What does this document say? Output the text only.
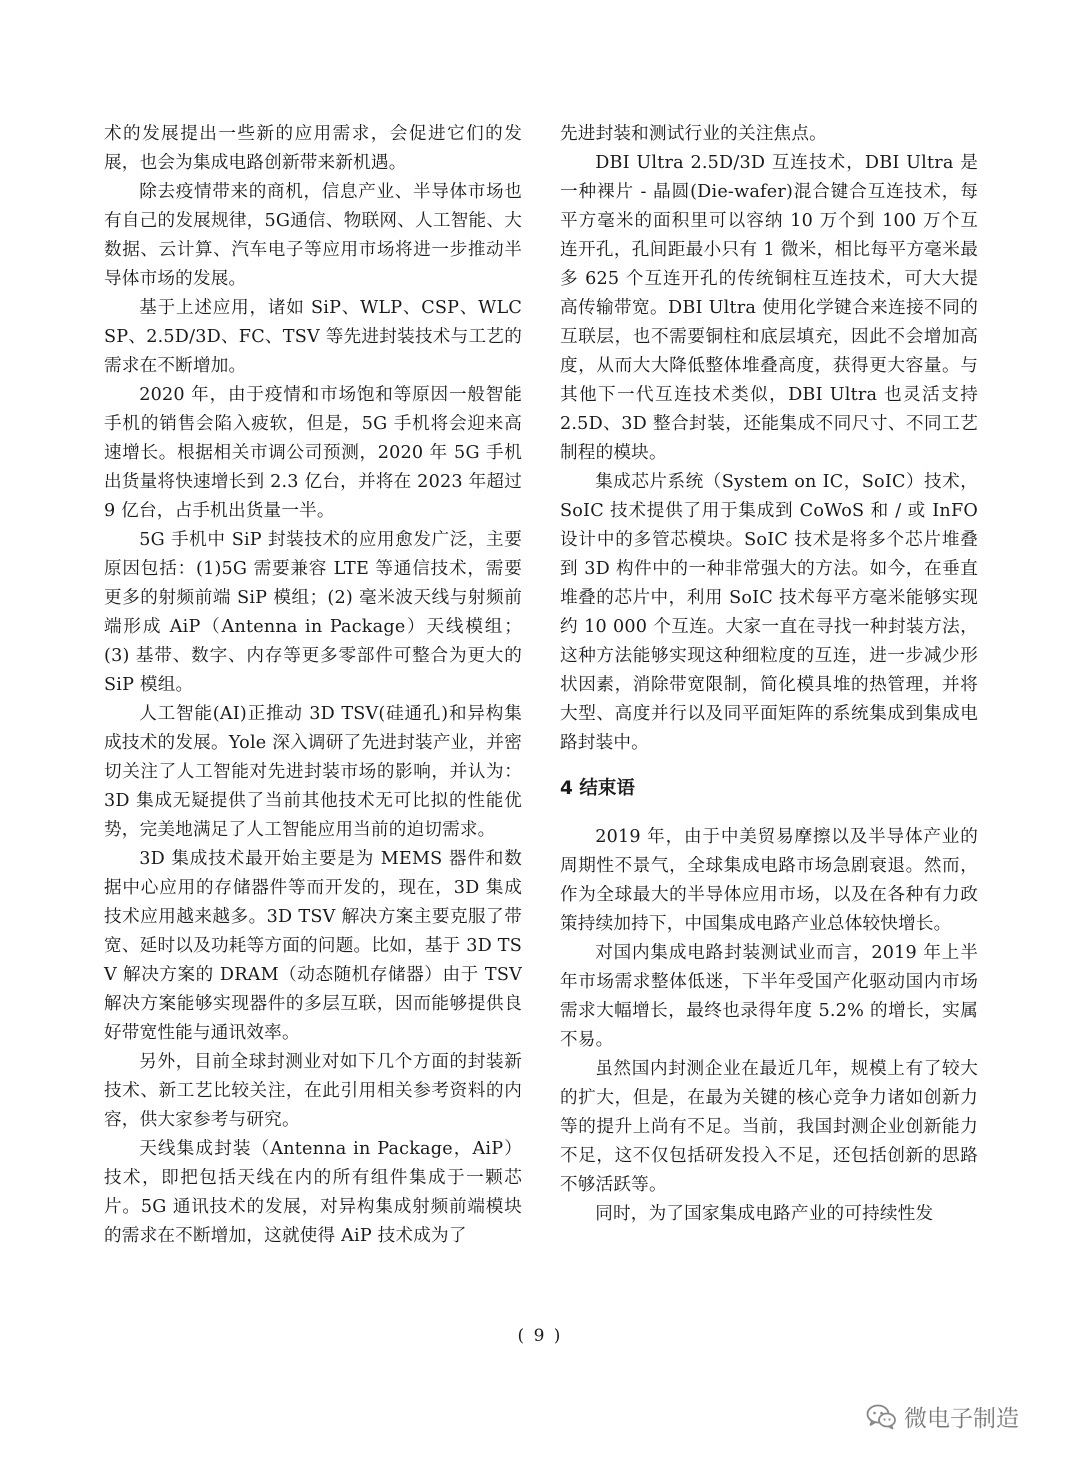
术的发展提出一些新的应用需求，会促进它们的发展，也会为集成电路创新带来新机遇。

除去疫情带来的商机，信息产业、半导体市场也有自己的发展规律，5G通信、物联网、人工智能、大数据、云计算、汽车电子等应用市场将进一步推动半导体市场的发展。

基于上述应用，诸如 SiP、WLP、CSP、WLCSP、2.5D/3D、FC、TSV 等先进封装技术与工艺的需求在不断增加。

2020 年，由于疫情和市场饱和等原因一般智能手机的销售会陷入疲软，但是，5G 手机将会迎来高速增长。根据相关市调公司预测，2020 年 5G 手机出货量将快速增长到 2.3 亿台，并将在 2023 年超过 9 亿台，占手机出货量一半。

5G 手机中 SiP 封装技术的应用愈发广泛，主要原因包括：(1)5G 需要兼容 LTE 等通信技术，需要更多的射频前端 SiP 模组；(2) 毫米波天线与射频前端形成 AiP（Antenna in Package）天线模组；(3) 基带、数字、内存等更多零部件可整合为更大的 SiP 模组。

人工智能(AI)正推动 3D TSV(硅通孔)和异构集成技术的发展。Yole 深入调研了先进封装产业，并密切关注了人工智能对先进封装市场的影响，并认为：3D 集成无疑提供了当前其他技术无可比拟的性能优势，完美地满足了人工智能应用当前的迫切需求。

3D 集成技术最开始主要是为 MEMS 器件和数据中心应用的存储器件等而开发的，现在，3D 集成技术应用越来越多。3D TSV 解决方案主要克服了带宽、延时以及功耗等方面的问题。比如，基于 3D TSV 解决方案的 DRAM（动态随机存储器）由于 TSV 解决方案能够实现器件的多层互联，因而能够提供良好带宽性能与通讯效率。

另外，目前全球封测业对如下几个方面的封装新技术、新工艺比较关注，在此引用相关参考资料的内容，供大家参考与研究。

天线集成封装（Antenna in Package，AiP）技术，即把包括天线在内的所有组件集成于一颗芯片。5G 通讯技术的发展，对异构集成射频前端模块的需求在不断增加，这就使得 AiP 技术成为了

先进封装和测试行业的关注焦点。

DBI Ultra 2.5D/3D 互连技术，DBI Ultra 是一种裸片 - 晶圆(Die-wafer)混合键合互连技术，每平方毫米的面积里可以容纳 10 万个到 100 万个互连开孔，孔间距最小只有 1 微米，相比每平方毫米最多 625 个互连开孔的传统铜柱互连技术，可大大提高传输带宽。DBI Ultra 使用化学键合来连接不同的互联层，也不需要铜柱和底层填充，因此不会增加高度，从而大大降低整体堆叠高度，获得更大容量。与其他下一代互连技术类似，DBI Ultra 也灵活支持 2.5D、3D 整合封装，还能集成不同尺寸、不同工艺制程的模块。

集成芯片系统（System on IC，SoIC）技术，SoIC 技术提供了用于集成到 CoWoS 和 / 或 InFO 设计中的多管芯模块。SoIC 技术是将多个芯片堆叠到 3D 构件中的一种非常强大的方法。如今，在垂直堆叠的芯片中，利用 SoIC 技术每平方毫米能够实现约 10 000 个互连。大家一直在寻找一种封装方法，这种方法能够实现这种细粒度的互连，进一步减少形状因素，消除带宽限制，简化模具堆的热管理，并将大型、高度并行以及同平面矩阵的系统集成到集成电路封装中。

4 结束语

2019 年，由于中美贸易摩擦以及半导体产业的周期性不景气，全球集成电路市场急剧衰退。然而，作为全球最大的半导体应用市场，以及在各种有力政策持续加持下，中国集成电路产业总体较快增长。

对国内集成电路封装测试业而言，2019 年上半年市场需求整体低迷，下半年受国产化驱动国内市场需求大幅增长，最终也录得年度 5.2% 的增长，实属不易。

虽然国内封测企业在最近几年，规模上有了较大的扩大，但是，在最为关键的核心竞争力诸如创新力等的提升上尚有不足。当前，我国封测企业创新能力不足，这不仅包括研发投入不足，还包括创新的思路不够活跃等。

同时，为了国家集成电路产业的可持续性发

( 9 )
微电子制造
